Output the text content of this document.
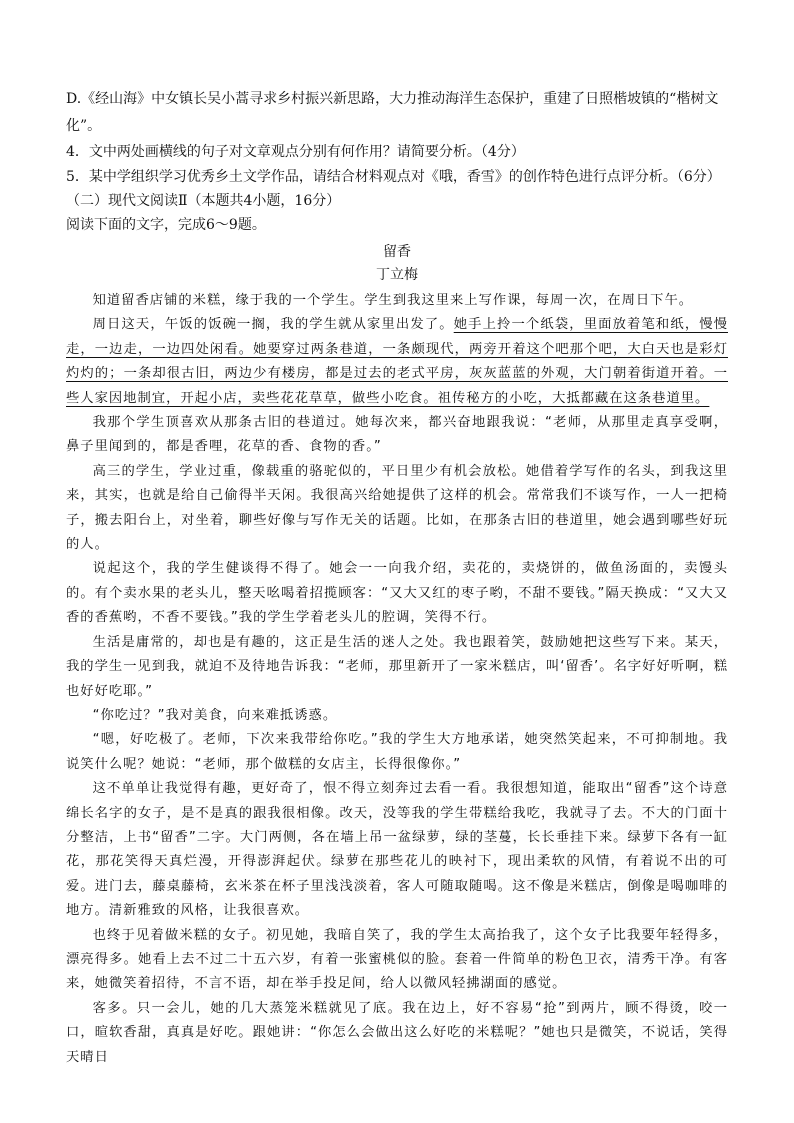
D.《经山海》中女镇长吴小蒿寻求乡村振兴新思路，大力推动海洋生态保护，重建了日照楷坡镇的“楷树文
化”。
4．文中两处画横线的句子对文章观点分别有何作用？请简要分析。（4分）
5．某中学组织学习优秀乡土文学作品，请结合材料观点对《哦，香雪》的创作特色进行点评分析。（6分）
（二）现代文阅读Ⅱ（本题共4小题，16分）
阅读下面的文字，完成6～9题。
留香
丁立梅

知道留香店铺的米糕，缘于我的一个学生。学生到我这里来上写作课，每周一次，在周日下午。

周日这天，午饭的饭碗一搁，我的学生就从家里出发了。她手上拎一个纸袋，里面放着笔和纸，慢慢走，一边走，一边四处闲看。她要穿过两条巷道，一条颇现代，两旁开着这个吧那个吧，大白天也是彩灯灼灼的；一条却很古旧，两边少有楼房，都是过去的老式平房，灰灰蓝蓝的外观，大门朝着街道开着。一些人家因地制宜，开起小店，卖些花花草草，做些小吃食。祖传秘方的小吃，大抵都藏在这条巷道里。

我那个学生顶喜欢从那条古旧的巷道过。她每次来，都兴奋地跟我说：“老师，从那里走真享受啊，鼻子里闻到的，都是香哩，花草的香、食物的香。”

高三的学生，学业过重，像载重的骆驼似的，平日里少有机会放松。她借着学写作的名头，到我这里来，其实，也就是给自己偷得半天闲。我很高兴给她提供了这样的机会。常常我们不谈写作，一人一把椅子，搬去阳台上，对坐着，聊些好像与写作无关的话题。比如，在那条古旧的巷道里，她会遇到哪些好玩的人。

说起这个，我的学生健谈得不得了。她会一一向我介绍，卖花的，卖烧饼的，做鱼汤面的，卖馒头的。有个卖水果的老头儿，整天吆喝着招揽顾客：“又大又红的枣子哟，不甜不要钱。”隔天换成：“又大又香的香蕉哟，不香不要钱。”我的学生学着老头儿的腔调，笑得不行。

生活是庸常的，却也是有趣的，这正是生活的迷人之处。我也跟着笑，鼓励她把这些写下来。某天，我的学生一见到我，就迫不及待地告诉我：“老师，那里新开了一家米糕店，叫‘留香’。名字好好听啊，糕也好好吃耶。”

“你吃过？”我对美食，向来难抵诱惑。

“嗯，好吃极了。老师，下次来我带给你吃。”我的学生大方地承诺，她突然笑起来，不可抑制地。我说笑什么呢？她说：“老师，那个做糕的女店主，长得很像你。”

这不单单让我觉得有趣，更好奇了，恨不得立刻奔过去看一看。我很想知道，能取出“留香”这个诗意绵长名字的女子，是不是真的跟我很相像。改天，没等我的学生带糕给我吃，我就寻了去。不大的门面十分整洁，上书“留香”二字。大门两侧，各在墙上吊一盆绿萝，绿的茎蔓，长长垂挂下来。绿萝下各有一缸花，那花笑得天真烂漫，开得澎湃起伏。绿萝在那些花儿的映衬下，现出柔软的风情，有着说不出的可爱。进门去，藤桌藤椅，玄米茶在杯子里浅浅淡着，客人可随取随喝。这不像是米糕店，倒像是喝咖啡的地方。清新雅致的风格，让我很喜欢。

也终于见着做米糕的女子。初见她，我暗自笑了，我的学生太高抬我了，这个女子比我要年轻得多，漂亮得多。她看上去不过二十五六岁，有着一张蜜桃似的脸。套着一件简单的粉色卫衣，清秀干净。有客来，她微笑着招待，不言不语，却在举手投足间，给人以微风轻拂湖面的感觉。

客多。只一会儿，她的几大蒸笼米糕就见了底。我在边上，好不容易“抢”到两片，顾不得烫，咬一口，暄软香甜，真真是好吃。跟她讲：“你怎么会做出这么好吃的米糕呢？”她也只是微笑，不说话，笑得天晴日
